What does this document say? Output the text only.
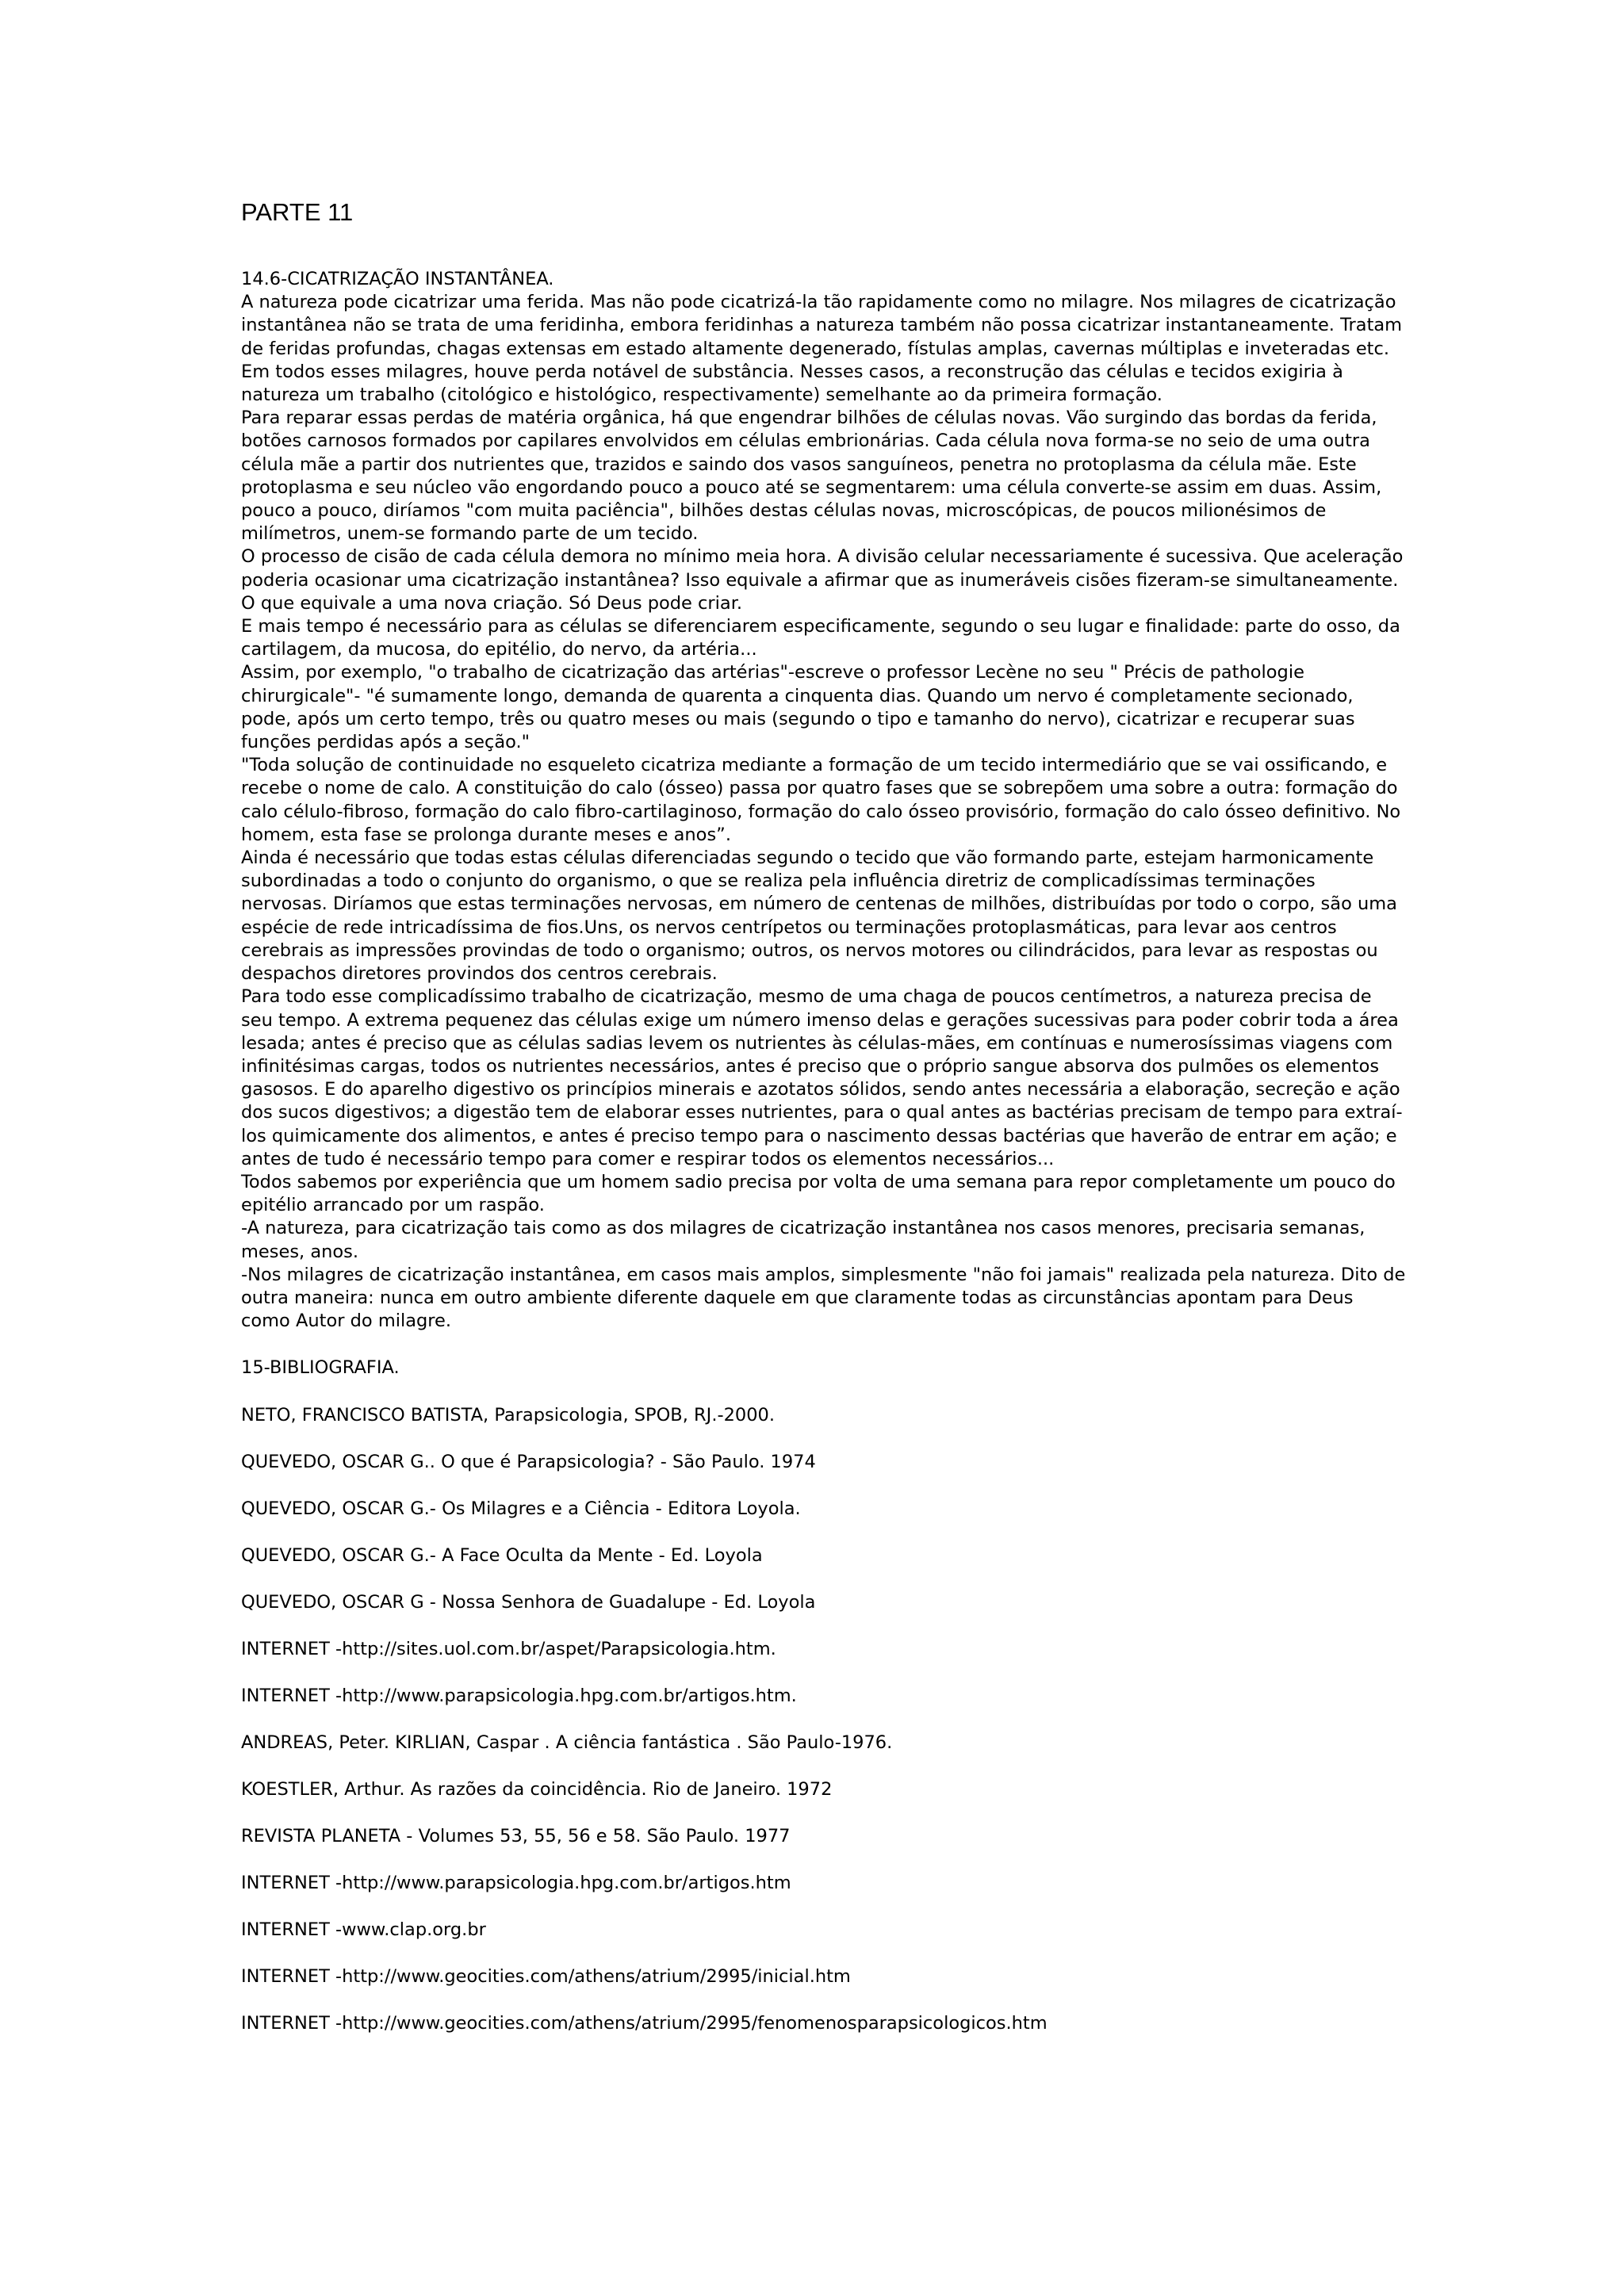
PARTE 11
14.6-CICATRIZAÇÃO INSTANTÂNEA.

A natureza pode cicatrizar uma ferida. Mas não pode cicatrizá-la tão rapidamente como no milagre. Nos milagres de cicatrização instantânea não se trata de uma feridinha, embora feridinhas a natureza também não possa cicatrizar instantaneamente. Tratam de feridas profundas, chagas extensas em estado altamente degenerado, fístulas amplas, cavernas múltiplas e inveteradas etc. Em todos esses milagres, houve perda notável de substância. Nesses casos, a reconstrução das células e tecidos exigiria à natureza um trabalho (citológico e histológico, respectivamente) semelhante ao da primeira formação.

Para reparar essas perdas de matéria orgânica, há que engendrar bilhões de células novas. Vão surgindo das bordas da ferida, botões carnosos formados por capilares envolvidos em células embrionárias. Cada célula nova forma-se no seio de uma outra célula mãe a partir dos nutrientes que, trazidos e saindo dos vasos sanguíneos, penetra no protoplasma da célula mãe. Este protoplasma e seu núcleo vão engordando pouco a pouco até se segmentarem: uma célula converte-se assim em duas. Assim, pouco a pouco, diríamos "com muita paciência", bilhões destas células novas, microscópicas, de poucos milionésimos de milímetros, unem-se formando parte de um tecido.

O processo de cisão de cada célula demora no mínimo meia hora. A divisão celular necessariamente é sucessiva. Que aceleração poderia ocasionar uma cicatrização instantânea? Isso equivale a afirmar que as inumeráveis cisões fizeram-se simultaneamente. O que equivale a uma nova criação. Só Deus pode criar.

E mais tempo é necessário para as células se diferenciarem especificamente, segundo o seu lugar e finalidade: parte do osso, da cartilagem, da mucosa, do epitélio, do nervo, da artéria...

Assim, por exemplo, "o trabalho de cicatrização das artérias"-escreve o professor Lecène no seu " Précis de pathologie chirurgicale"- "é sumamente longo, demanda de quarenta a cinquenta dias. Quando um nervo é completamente secionado, pode, após um certo tempo, três ou quatro meses ou mais (segundo o tipo e tamanho do nervo), cicatrizar e recuperar suas funções perdidas após a seção."

"Toda solução de continuidade no esqueleto cicatriza mediante a formação de um tecido intermediário que se vai ossificando, e recebe o nome de calo. A constituição do calo (ósseo) passa por quatro fases que se sobrepõem uma sobre a outra: formação do calo célulo-fibroso, formação do calo fibro-cartilaginoso, formação do calo ósseo provisório, formação do calo ósseo definitivo. No homem, esta fase se prolonga durante meses e anos”.

Ainda é necessário que todas estas células diferenciadas segundo o tecido que vão formando parte, estejam harmonicamente subordinadas a todo o conjunto do organismo, o que se realiza pela influência diretriz de complicadíssimas terminações nervosas. Diríamos que estas terminações nervosas, em número de centenas de milhões, distribuídas por todo o corpo, são uma espécie de rede intricadíssima de fios.Uns, os nervos centrípetos ou terminações protoplasmáticas, para levar aos centros cerebrais as impressões provindas de todo o organismo; outros, os nervos motores ou cilindrácidos, para levar as respostas ou despachos diretores provindos dos centros cerebrais.

Para todo esse complicadíssimo trabalho de cicatrização, mesmo de uma chaga de poucos centímetros, a natureza precisa de seu tempo. A extrema pequenez das células exige um número imenso delas e gerações sucessivas para poder cobrir toda a área lesada; antes é preciso que as células sadias levem os nutrientes às células-mães, em contínuas e numerosíssimas viagens com infinitésimas cargas, todos os nutrientes necessários, antes é preciso que o próprio sangue absorva dos pulmões os elementos gasosos. E do aparelho digestivo os princípios minerais e azotatos sólidos, sendo antes necessária a elaboração, secreção e ação dos sucos digestivos; a digestão tem de elaborar esses nutrientes, para o qual antes as bactérias precisam de tempo para extraí-los quimicamente dos alimentos, e antes é preciso tempo para o nascimento dessas bactérias que haverão de entrar em ação; e antes de tudo é necessário tempo para comer e respirar todos os elementos necessários...

Todos sabemos por experiência que um homem sadio precisa por volta de uma semana para repor completamente um pouco do epitélio arrancado por um raspão.

-A natureza, para cicatrização tais como as dos milagres de cicatrização instantânea nos casos menores, precisaria semanas, meses, anos.

-Nos milagres de cicatrização instantânea, em casos mais amplos, simplesmente "não foi jamais" realizada pela natureza. Dito de outra maneira: nunca em outro ambiente diferente daquele em que claramente todas as circunstâncias apontam para Deus como Autor do milagre.

15-BIBLIOGRAFIA.
NETO, FRANCISCO BATISTA, Parapsicologia, SPOB, RJ.-2000.
QUEVEDO, OSCAR G.. O que é Parapsicologia? - São Paulo. 1974
QUEVEDO, OSCAR G.- Os Milagres e a Ciência - Editora Loyola.
QUEVEDO, OSCAR G.- A Face Oculta da Mente - Ed. Loyola
QUEVEDO, OSCAR G - Nossa Senhora de Guadalupe - Ed. Loyola
INTERNET -http://sites.uol.com.br/aspet/Parapsicologia.htm.
INTERNET -http://www.parapsicologia.hpg.com.br/artigos.htm.
ANDREAS, Peter. KIRLIAN, Caspar . A ciência fantástica . São Paulo-1976.
KOESTLER, Arthur. As razões da coincidência. Rio de Janeiro. 1972
REVISTA PLANETA - Volumes 53, 55, 56 e 58. São Paulo. 1977
INTERNET -http://www.parapsicologia.hpg.com.br/artigos.htm
INTERNET -www.clap.org.br
INTERNET -http://www.geocities.com/athens/atrium/2995/inicial.htm
INTERNET -http://www.geocities.com/athens/atrium/2995/fenomenosparapsicologicos.htm
